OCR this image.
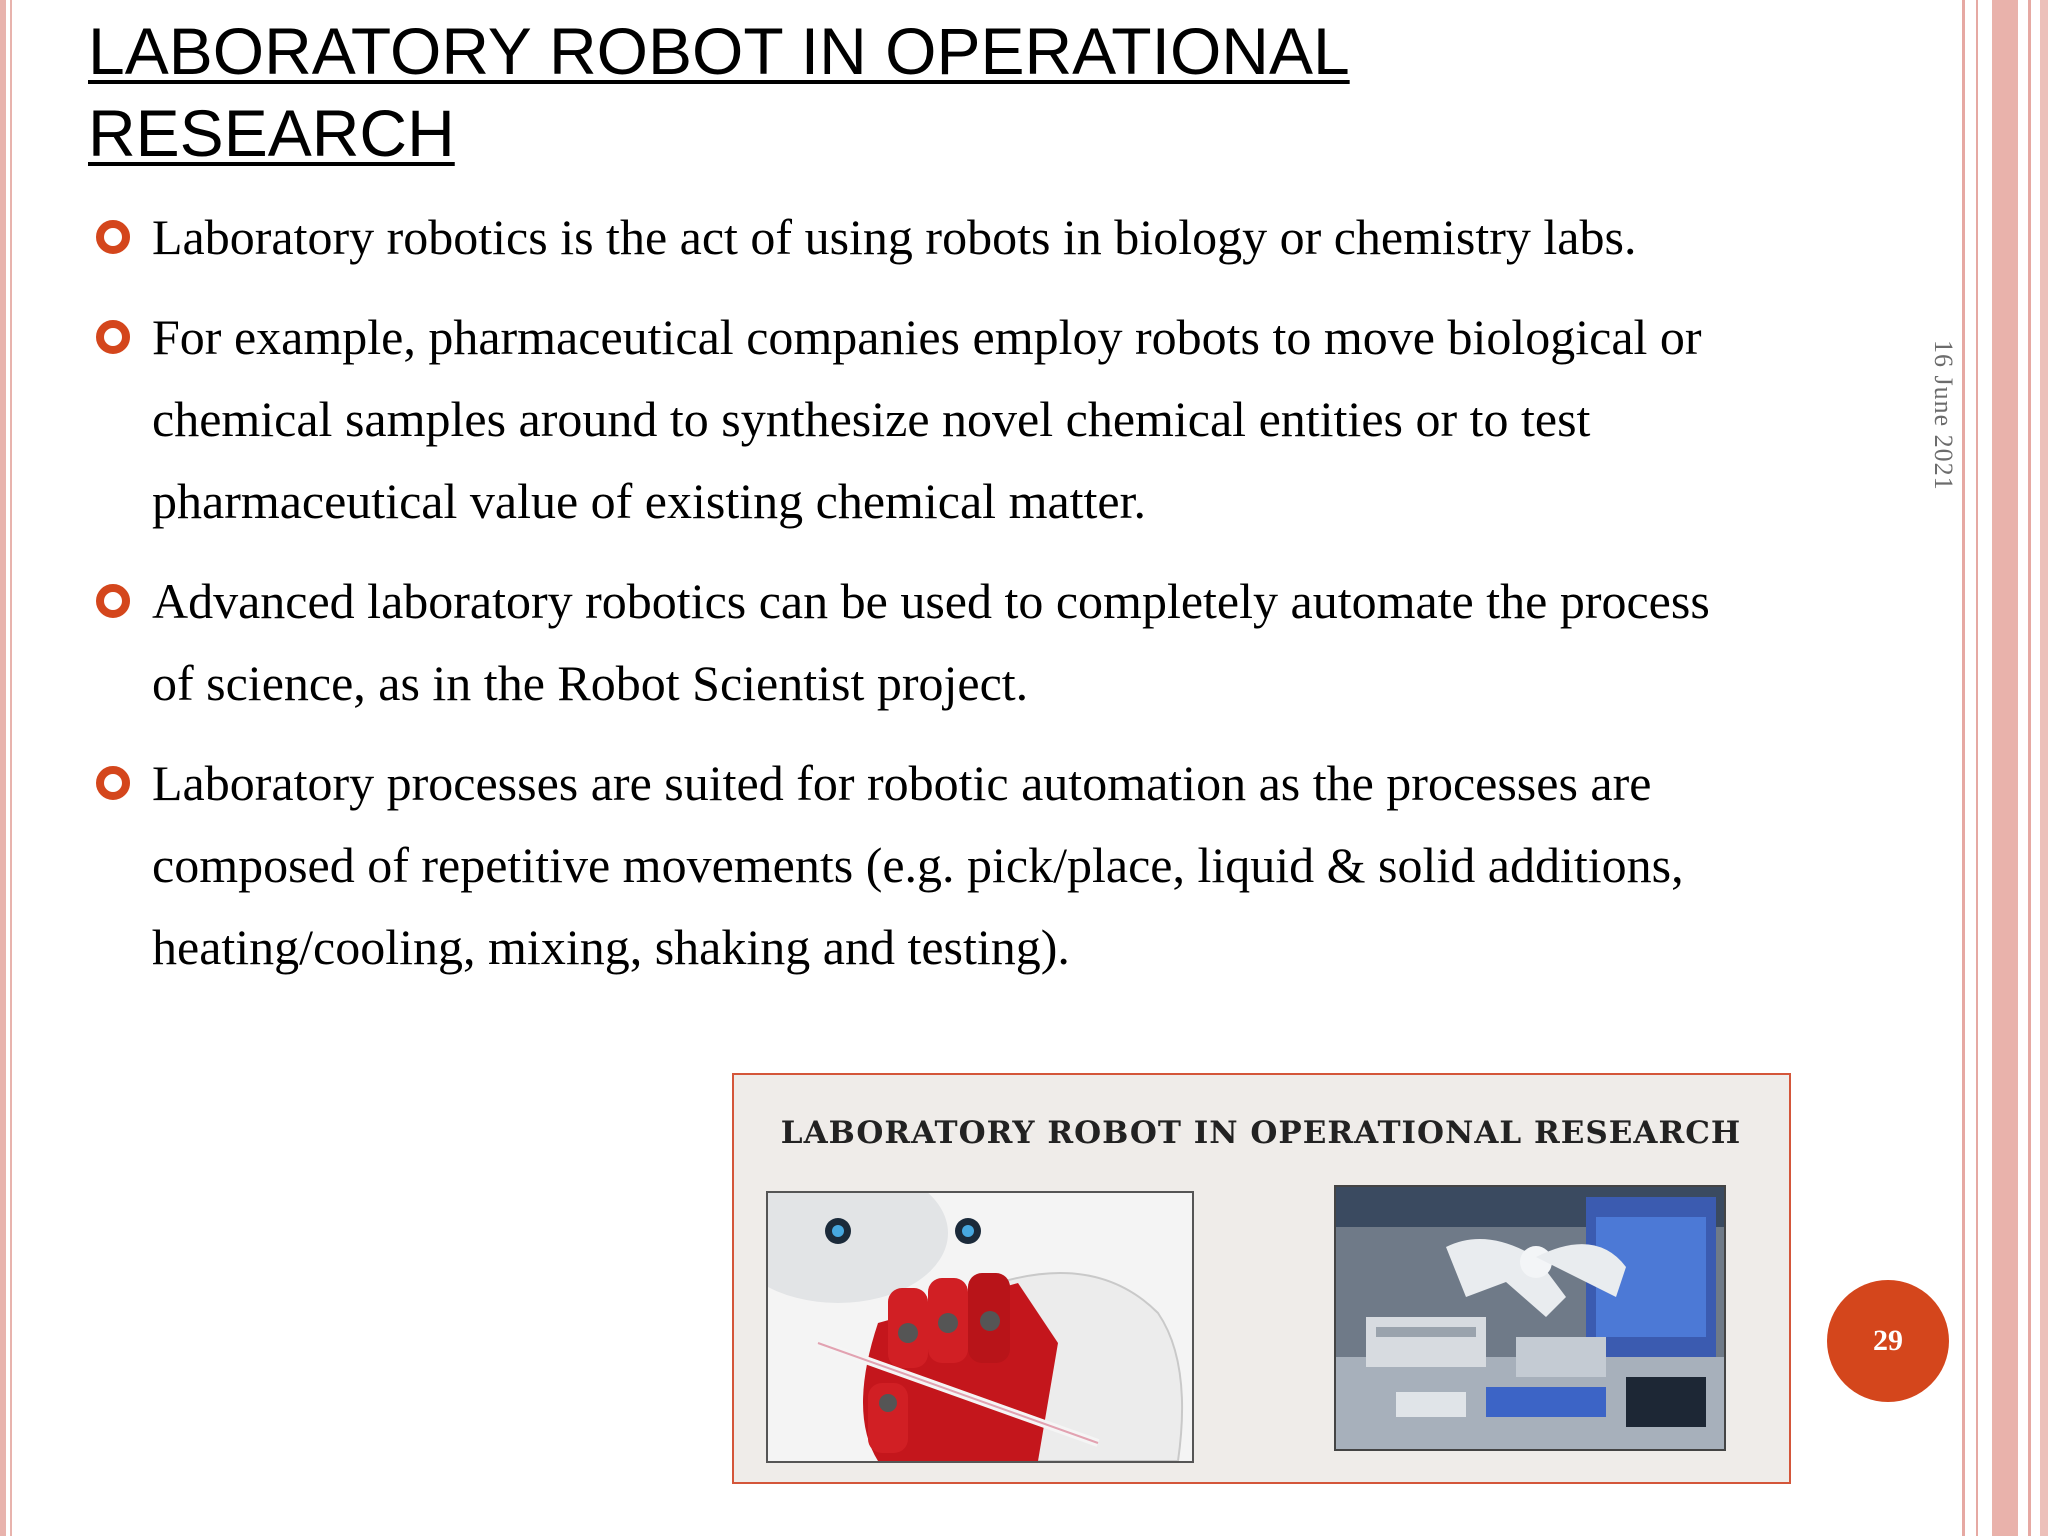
LABORATORY ROBOT IN OPERATIONAL
RESEARCH
Laboratory robotics is the act of using robots in biology or chemistry labs.
For example, pharmaceutical companies employ robots to move biological or chemical samples around to synthesize novel chemical entities or to test pharmaceutical value of existing chemical matter.
Advanced laboratory robotics can be used to completely automate the process of science, as in the Robot Scientist project.
Laboratory processes are suited for robotic automation as the processes are composed of repetitive movements (e.g. pick/place, liquid & solid additions, heating/cooling, mixing, shaking and testing).
16 June 2021
29
LABORATORY ROBOT IN OPERATIONAL RESEARCH
